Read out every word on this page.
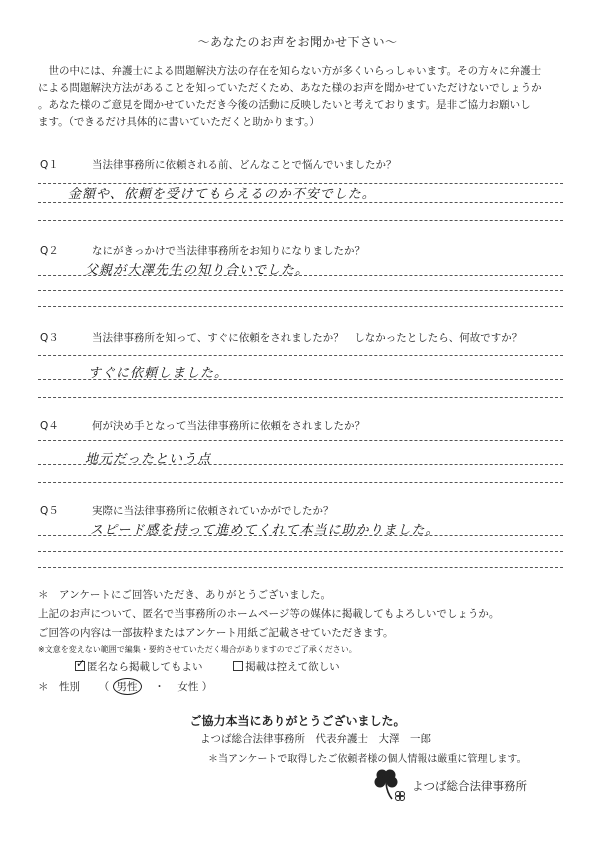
～あなたのお声をお聞かせ下さい～
　世の中には、弁護士による問題解決方法の存在を知らない方が多くいらっしゃいます。その方々に弁護士
による問題解決方法があることを知っていただくため、あなた様のお声を聞かせていただけないでしょうか
。あなた様のご意見を聞かせていただき今後の活動に反映したいと考えております。是非ご協力お願いし
ます。（できるだけ具体的に書いていただくと助かります。）
Q１	当法律事務所に依頼される前、どんなことで悩んでいましたか？
金額や、依頼を受けてもらえるのか不安でした。
Q２	なにがきっかけで当法律事務所をお知りになりましたか？
父親が大澤先生の知り合いでした。
Q３	当法律事務所を知って、すぐに依頼をされましたか？　しなかったとしたら、何故ですか？
すぐに依頼しました。
Q４	何が決め手となって当法律事務所に依頼をされましたか？
地元だったという点
Q５	実際に当法律事務所に依頼されていかがでしたか？
スピード感を持って進めてくれて本当に助かりました。
＊　アンケートにご回答いただき、ありがとうございました。
上記のお声について、匿名で当事務所のホームページ等の媒体に掲載してもよろしいでしょうか。
ご回答の内容は一部抜粋またはアンケート用紙ご記載させていただきます。
※文意を変えない範囲で編集・要約させていただく場合がありますのでご了承ください。
✓匿名なら掲載してもよい	掲載は控えて欲しい
＊　性別 （ 男性 ・ 女性 ）
ご協力本当にありがとうございました。
よつば総合法律事務所　代表弁護士　大澤　一郎
＊当アンケートで取得したご依頼者様の個人情報は厳重に管理します。
よつば総合法律事務所
